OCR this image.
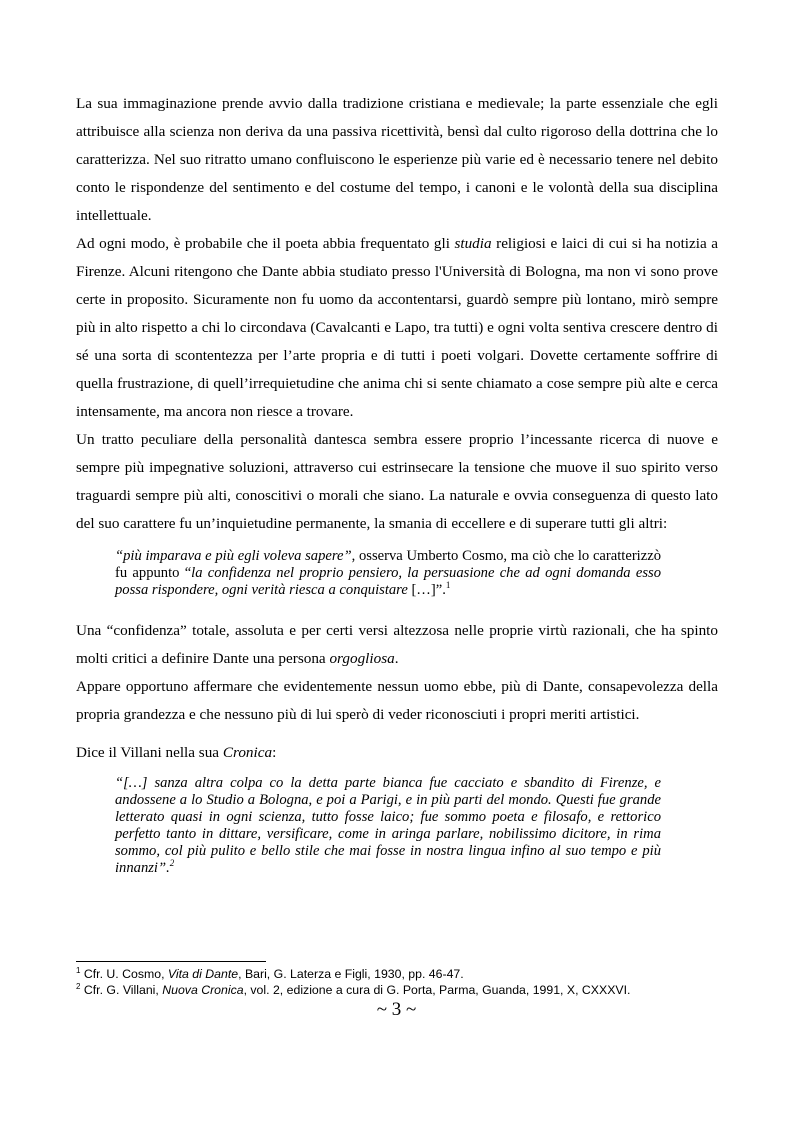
La sua immaginazione prende avvio dalla tradizione cristiana e medievale; la parte essenziale che egli attribuisce alla scienza non deriva da una passiva ricettività, bensì dal culto rigoroso della dottrina che lo caratterizza. Nel suo ritratto umano confluiscono le esperienze più varie ed è necessario tenere nel debito conto le rispondenze del sentimento e del costume del tempo, i canoni e le volontà della sua disciplina intellettuale.

Ad ogni modo, è probabile che il poeta abbia frequentato gli studia religiosi e laici di cui si ha notizia a Firenze. Alcuni ritengono che Dante abbia studiato presso l'Università di Bologna, ma non vi sono prove certe in proposito. Sicuramente non fu uomo da accontentarsi, guardò sempre più lontano, mirò sempre più in alto rispetto a chi lo circondava (Cavalcanti e Lapo, tra tutti) e ogni volta sentiva crescere dentro di sé una sorta di scontentezza per l’arte propria e di tutti i poeti volgari. Dovette certamente soffrire di quella frustrazione, di quell’irrequietudine che anima chi si sente chiamato a cose sempre più alte e cerca intensamente, ma ancora non riesce a trovare.

Un tratto peculiare della personalità dantesca sembra essere proprio l’incessante ricerca di nuove e sempre più impegnative soluzioni, attraverso cui estrinsecare la tensione che muove il suo spirito verso traguardi sempre più alti, conoscitivi o morali che siano. La naturale e ovvia conseguenza di questo lato del suo carattere fu un’inquietudine permanente, la smania di eccellere e di superare tutti gli altri:

“più imparava e più egli voleva sapere”, osserva Umberto Cosmo, ma ciò che lo caratterizzò fu appunto “la confidenza nel proprio pensiero, la persuasione che ad ogni domanda esso possa rispondere, ogni verità riesca a conquistare […]”.$^1$

Una “confidenza” totale, assoluta e per certi versi altezzosa nelle proprie virtù razionali, che ha spinto molti critici a definire Dante una persona orgogliosa.

Appare opportuno affermare che evidentemente nessun uomo ebbe, più di Dante, consapevolezza della propria grandezza e che nessuno più di lui sperò di veder riconosciuti i propri meriti artistici.

Dice il Villani nella sua Cronica:

“[…] sanza altra colpa co la detta parte bianca fue cacciato e sbandito di Firenze, e andossene a lo Studio a Bologna, e poi a Parigi, e in più parti del mondo. Questi fue grande letterato quasi in ogni scienza, tutto fosse laico; fue sommo poeta e filosafo, e rettorico perfetto tanto in dittare, versificare, come in aringa parlare, nobilissimo dicitore, in rima sommo, col più pulito e bello stile che mai fosse in nostra lingua infino al suo tempo e più innanzi”.$^2$

$^1$ Cfr. U. Cosmo, Vita di Dante, Bari, G. Laterza e Figli, 1930, pp. 46-47.
$^2$ Cfr. G. Villani, Nuova Cronica, vol. 2, edizione a cura di G. Porta, Parma, Guanda, 1991, X, CXXXVI.
~ 3 ~
